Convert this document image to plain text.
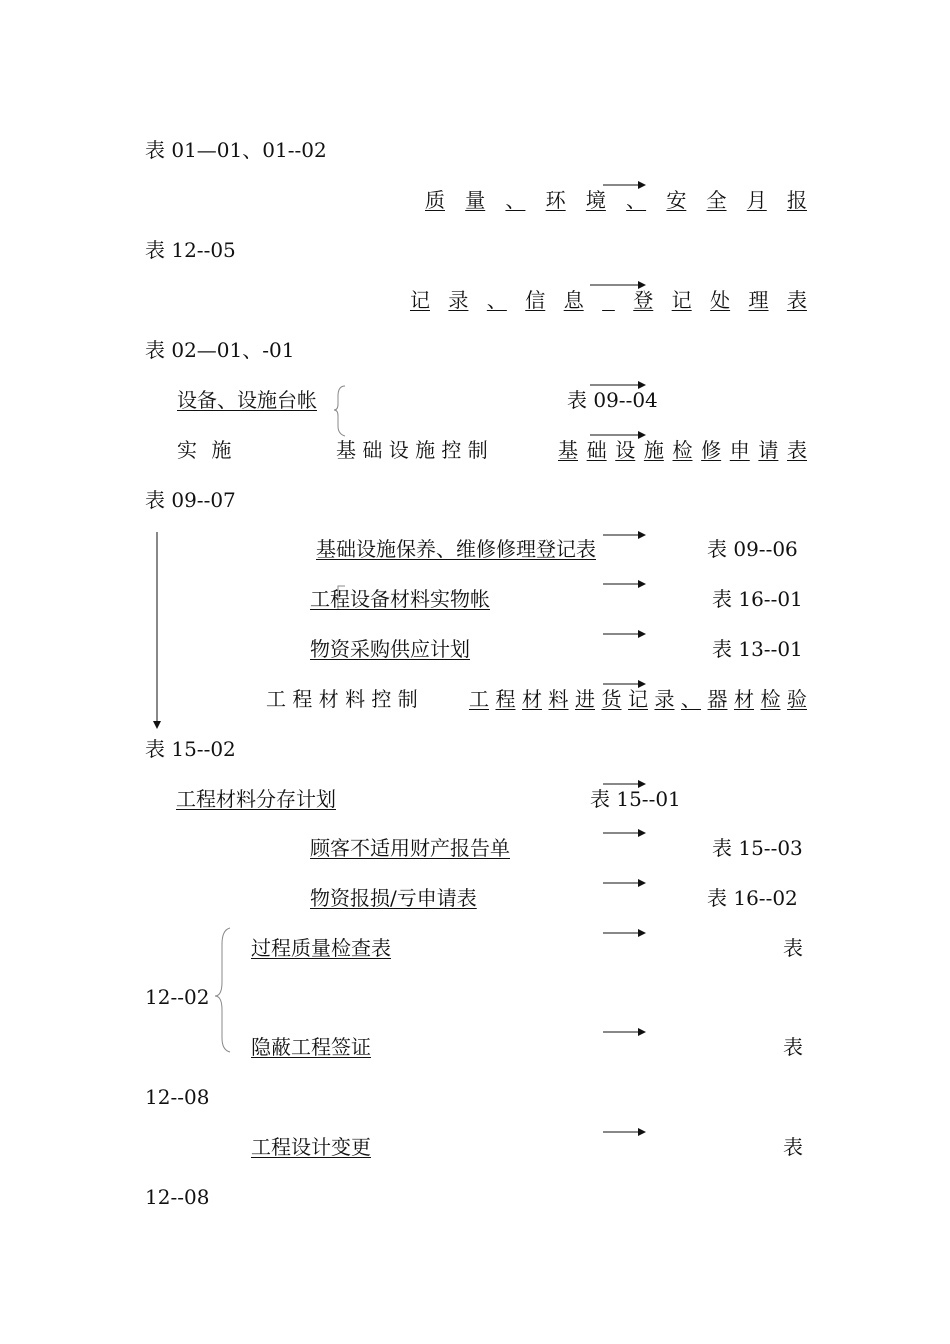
表 01—01、01--02
质 量 、 环 境 、 安 全 月 报
表 12--05
记 录 、 信 息
登 记 处 理 表
表 02—01、-01
设备、设施台帐	表 09--04
实 施	基 础 设 施 控 制	基 础 设 施 检 修 申 请 表
表 09--07
基础设施保养、维修修理登记表	表 09--06
工程设备材料实物帐	表 16--01
物资采购供应计划	表 13--01
工 程 材 料 控 制	工 程 材 料 进 货 记 录 、 器 材 检 验
表 15--02
工程材料分存计划	表 15--01
顾客不适用财产报告单	表 15--03
物资报损/亏申请表	表 16--02
过程质量检查表	表
12--02
隐蔽工程签证	表
12--08
工程设计变更	表
12--08
